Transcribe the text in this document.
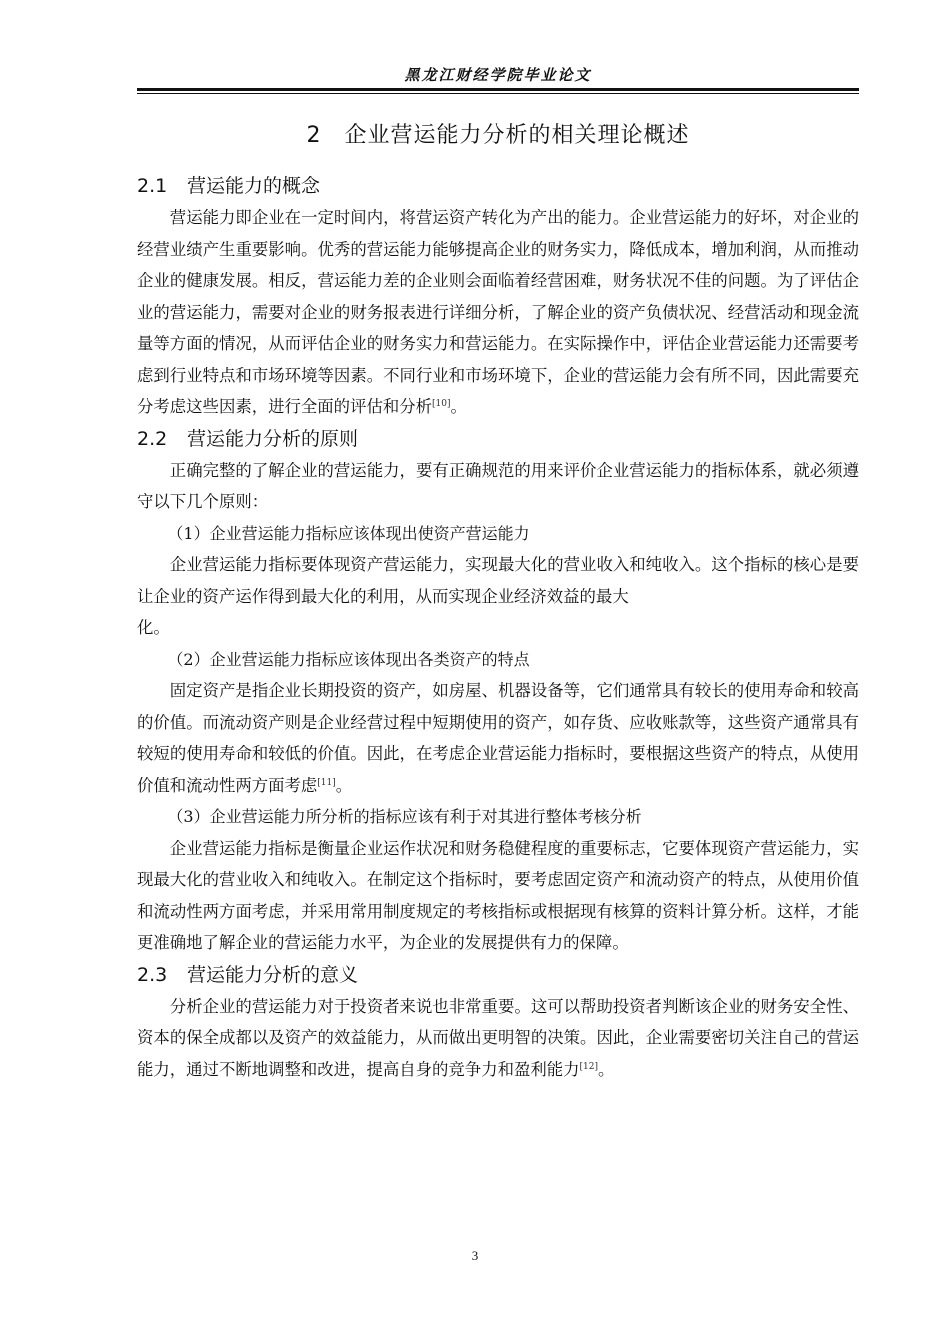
黑龙江财经学院毕业论文
2　企业营运能力分析的相关理论概述
2.1 营运能力的概念

营运能力即企业在一定时间内，将营运资产转化为产出的能力。企业营运能力的好坏，对企业的经营业绩产生重要影响。优秀的营运能力能够提高企业的财务实力，降低成本，增加利润，从而推动企业的健康发展。相反，营运能力差的企业则会面临着经营困难，财务状况不佳的问题。为了评估企业的营运能力，需要对企业的财务报表进行详细分析，了解企业的资产负债状况、经营活动和现金流量等方面的情况，从而评估企业的财务实力和营运能力。在实际操作中，评估企业营运能力还需要考虑到行业特点和市场环境等因素。不同行业和市场环境下，企业的营运能力会有所不同，因此需要充分考虑这些因素，进行全面的评估和分析[10]。

2.2 营运能力分析的原则

正确完整的了解企业的营运能力，要有正确规范的用来评价企业营运能力的指标体系，就必须遵守以下几个原则：

（1）企业营运能力指标应该体现出使资产营运能力

企业营运能力指标要体现资产营运能力，实现最大化的营业收入和纯收入。这个指标的核心是要让企业的资产运作得到最大化的利用，从而实现企业经济效益的最大

化。

（2）企业营运能力指标应该体现出各类资产的特点

固定资产是指企业长期投资的资产，如房屋、机器设备等，它们通常具有较长的使用寿命和较高的价值。而流动资产则是企业经营过程中短期使用的资产，如存货、应收账款等，这些资产通常具有较短的使用寿命和较低的价值。因此，在考虑企业营运能力指标时，要根据这些资产的特点，从使用价值和流动性两方面考虑[11]。

（3）企业营运能力所分析的指标应该有利于对其进行整体考核分析

企业营运能力指标是衡量企业运作状况和财务稳健程度的重要标志，它要体现资产营运能力，实现最大化的营业收入和纯收入。在制定这个指标时，要考虑固定资产和流动资产的特点，从使用价值和流动性两方面考虑，并采用常用制度规定的考核指标或根据现有核算的资料计算分析。这样，才能更准确地了解企业的营运能力水平，为企业的发展提供有力的保障。

2.3 营运能力分析的意义

分析企业的营运能力对于投资者来说也非常重要。这可以帮助投资者判断该企业的财务安全性、资本的保全成都以及资产的效益能力，从而做出更明智的决策。因此，企业需要密切关注自己的营运能力，通过不断地调整和改进，提高自身的竞争力和盈利能力[12]。

3
